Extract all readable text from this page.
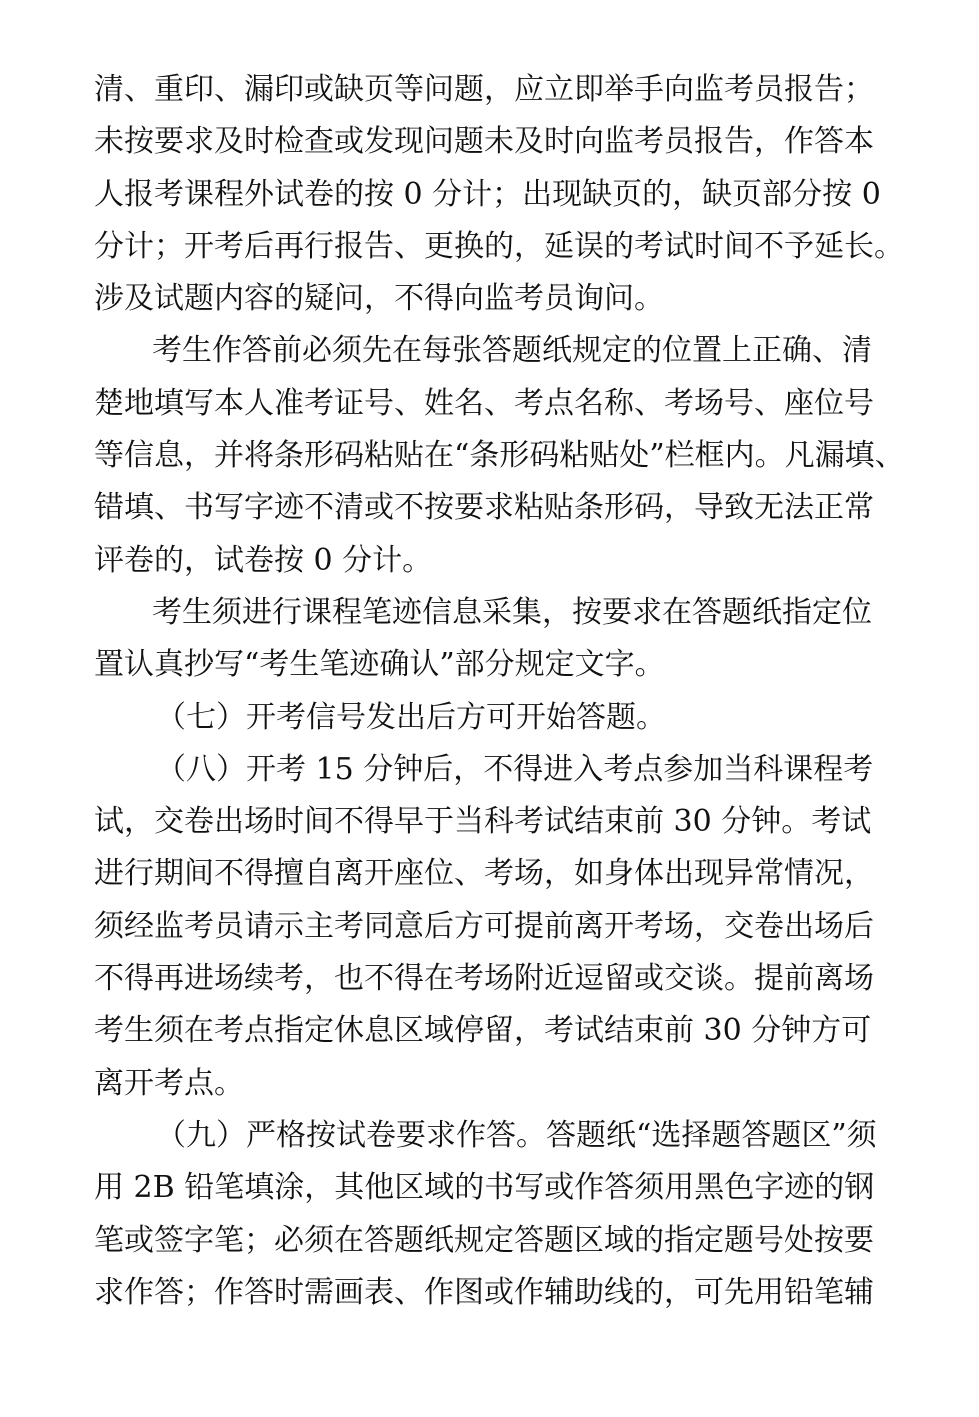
清、重印、漏印或缺页等问题，应立即举手向监考员报告；
未按要求及时检查或发现问题未及时向监考员报告，作答本
人报考课程外试卷的按 0 分计；出现缺页的，缺页部分按 0
分计；开考后再行报告、更换的，延误的考试时间不予延长。
涉及试题内容的疑问，不得向监考员询问。
考生作答前必须先在每张答题纸规定的位置上正确、清
楚地填写本人准考证号、姓名、考点名称、考场号、座位号
等信息，并将条形码粘贴在“条形码粘贴处”栏框内。凡漏填、
错填、书写字迹不清或不按要求粘贴条形码，导致无法正常
评卷的，试卷按 0 分计。
考生须进行课程笔迹信息采集，按要求在答题纸指定位
置认真抄写“考生笔迹确认”部分规定文字。
（七）开考信号发出后方可开始答题。
（八）开考 15 分钟后，不得进入考点参加当科课程考
试，交卷出场时间不得早于当科考试结束前 30 分钟。考试
进行期间不得擅自离开座位、考场，如身体出现异常情况，
须经监考员请示主考同意后方可提前离开考场，交卷出场后
不得再进场续考，也不得在考场附近逗留或交谈。提前离场
考生须在考点指定休息区域停留，考试结束前 30 分钟方可
离开考点。
（九）严格按试卷要求作答。答题纸“选择题答题区”须
用 2B 铅笔填涂，其他区域的书写或作答须用黑色字迹的钢
笔或签字笔；必须在答题纸规定答题区域的指定题号处按要
求作答；作答时需画表、作图或作辅助线的，可先用铅笔辅
